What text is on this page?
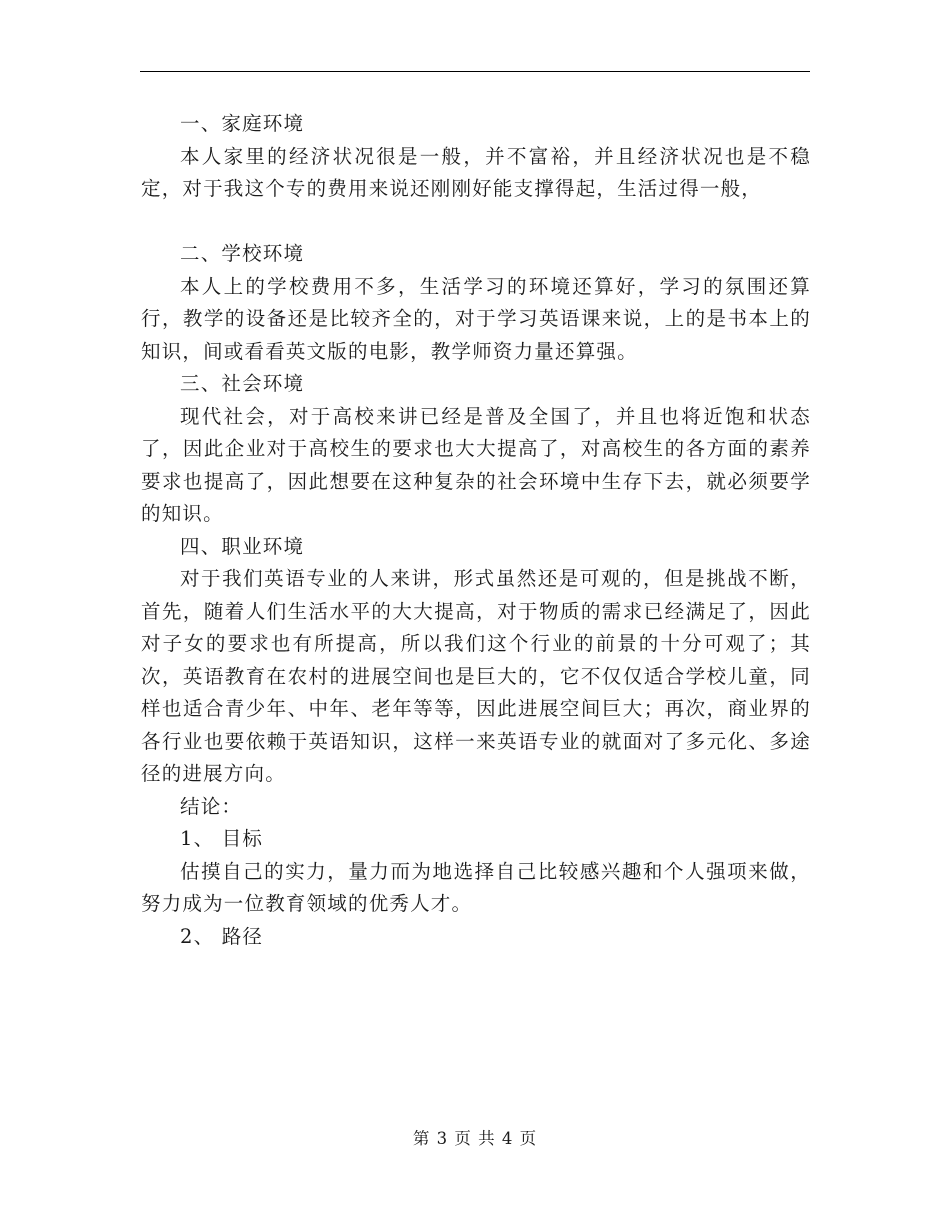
一、家庭环境

本人家里的经济状况很是一般，并不富裕，并且经济状况也是不稳定，对于我这个专的费用来说还刚刚好能支撑得起，生活过得一般，

二、学校环境

本人上的学校费用不多，生活学习的环境还算好，学习的氛围还算行，教学的设备还是比较齐全的，对于学习英语课来说，上的是书本上的知识，间或看看英文版的电影，教学师资力量还算强。

三、社会环境

现代社会，对于高校来讲已经是普及全国了，并且也将近饱和状态了，因此企业对于高校生的要求也大大提高了，对高校生的各方面的素养要求也提高了，因此想要在这种复杂的社会环境中生存下去，就必须要学的知识。

四、职业环境

对于我们英语专业的人来讲，形式虽然还是可观的，但是挑战不断，首先，随着人们生活水平的大大提高，对于物质的需求已经满足了，因此对子女的要求也有所提高，所以我们这个行业的前景的十分可观了；其次，英语教育在农村的进展空间也是巨大的，它不仅仅适合学校儿童，同样也适合青少年、中年、老年等等，因此进展空间巨大；再次，商业界的各行业也要依赖于英语知识，这样一来英语专业的就面对了多元化、多途径的进展方向。

结论：

1、 目标

估摸自己的实力，量力而为地选择自己比较感兴趣和个人强项来做，努力成为一位教育领域的优秀人才。

2、 路径

第 3 页 共 4 页
